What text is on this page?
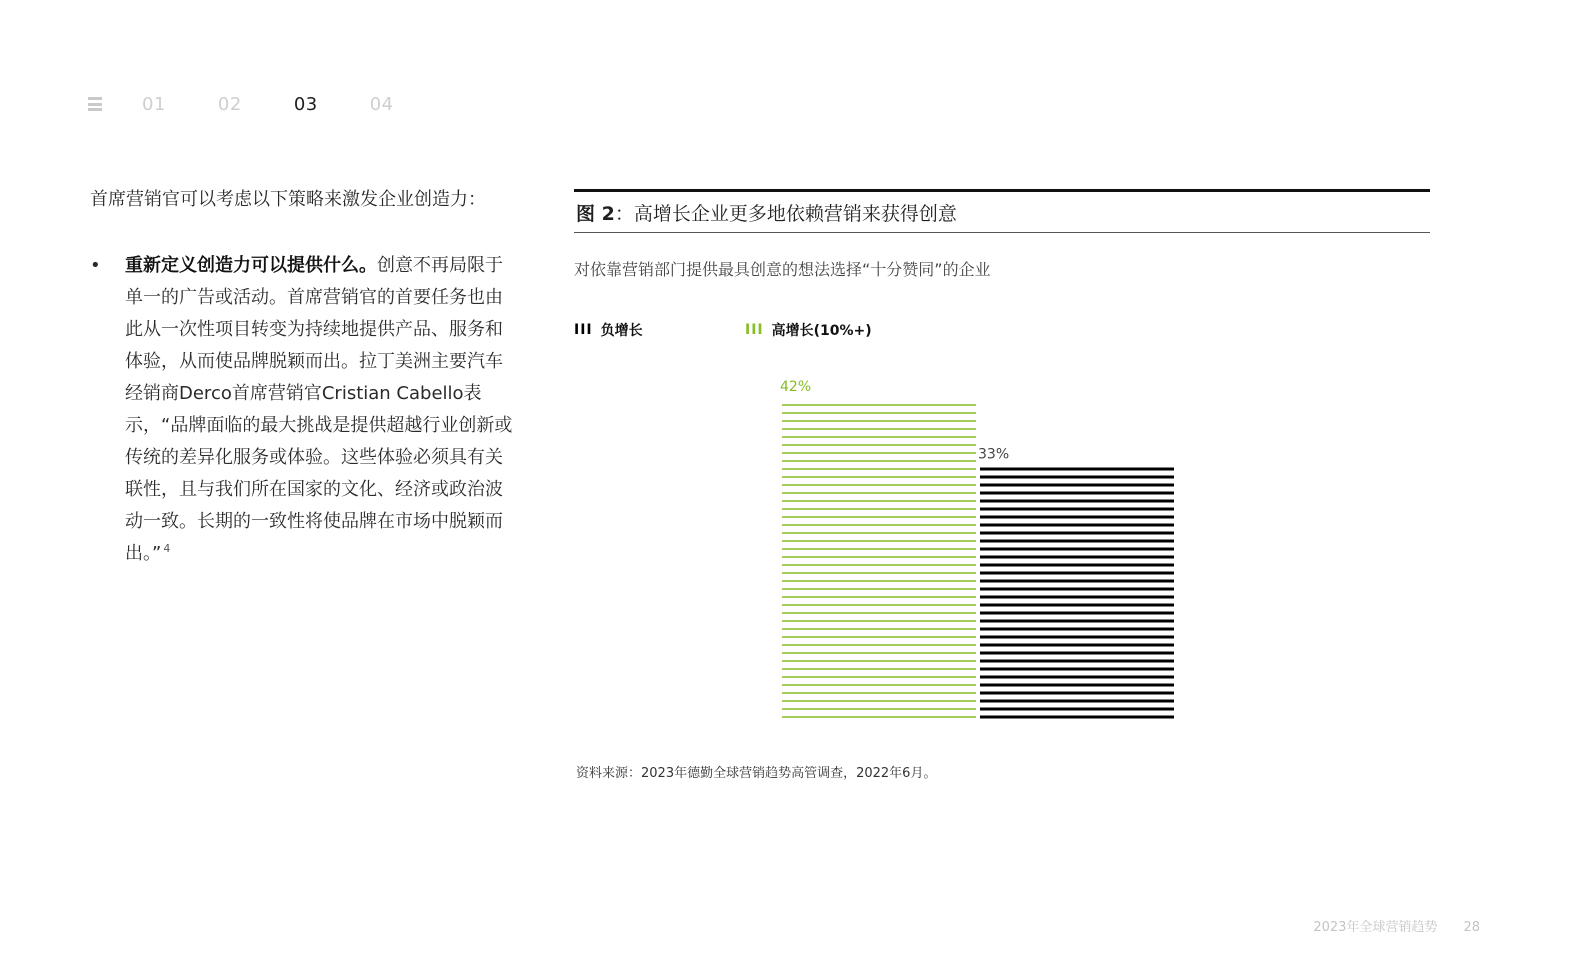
01	02	03	04

首席营销官可以考虑以下策略来激发企业创造力：

• 重新定义创造力可以提供什么。创意不再局限于单一的广告或活动。首席营销官的首要任务也由此从一次性项目转变为持续地提供产品、服务和体验，从而使品牌脱颖而出。拉丁美洲主要汽车经销商Derco首席营销官Cristian Cabello表示，“品牌面临的最大挑战是提供超越行业创新或传统的差异化服务或体验。这些体验必须具有关联性，且与我们所在国家的文化、经济或政治波动一致。长期的一致性将使品牌在市场中脱颖而出。” $^4$
图 2：高增长企业更多地依赖营销来获得创意
对依靠营销部门提供最具创意的想法选择“十分赞同”的企业
III 负增长	III 高增长(10%+)
42%
33%
资料来源：2023年德勤全球营销趋势高管调查，2022年6月。
2023年全球营销趋势 28
